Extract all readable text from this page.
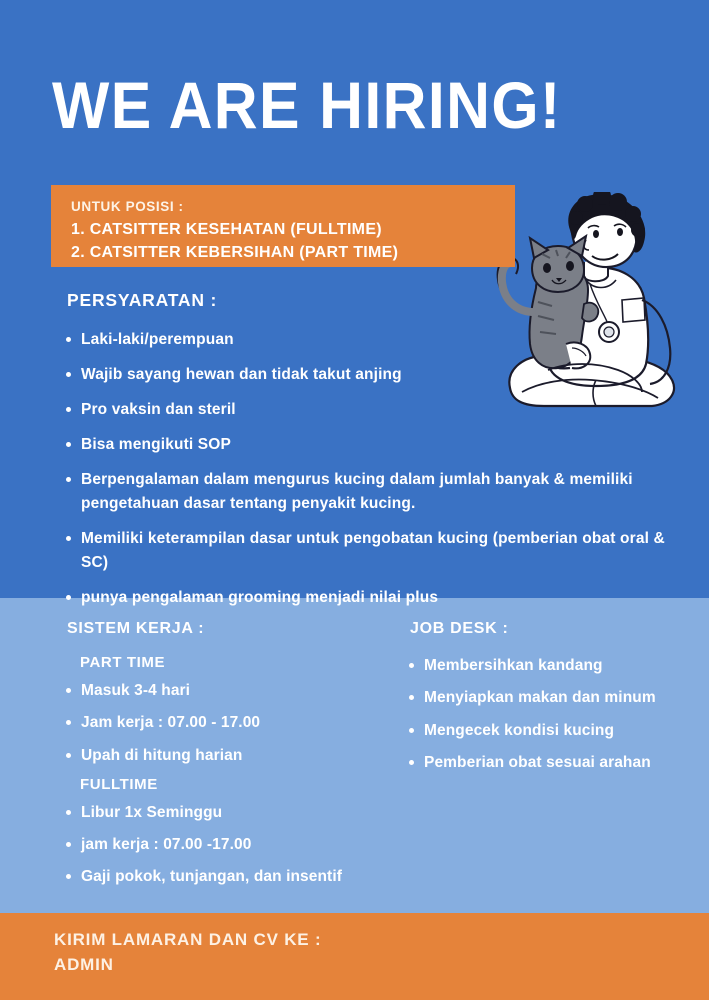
WE ARE HIRING!
UNTUK POSISI :
1. CATSITTER KESEHATAN (FULLTIME)
2. CATSITTER KEBERSIHAN (PART TIME)
PERSYARATAN :
Laki-laki/perempuan
Wajib sayang hewan dan tidak takut anjing
Pro vaksin dan steril
Bisa mengikuti SOP
Berpengalaman dalam mengurus kucing dalam jumlah banyak & memiliki pengetahuan dasar tentang penyakit kucing.
Memiliki keterampilan dasar untuk pengobatan kucing (pemberian obat oral & SC)
punya pengalaman grooming menjadi nilai plus
SISTEM KERJA :
PART TIME
Masuk 3-4 hari
Jam kerja : 07.00 - 17.00
Upah di hitung harian
FULLTIME
Libur 1x Seminggu
jam kerja : 07.00 -17.00
Gaji pokok, tunjangan, dan insentif
JOB DESK :
Membersihkan kandang
Menyiapkan makan dan minum
Mengecek kondisi kucing
Pemberian obat sesuai arahan
KIRIM LAMARAN DAN CV KE :
ADMIN
